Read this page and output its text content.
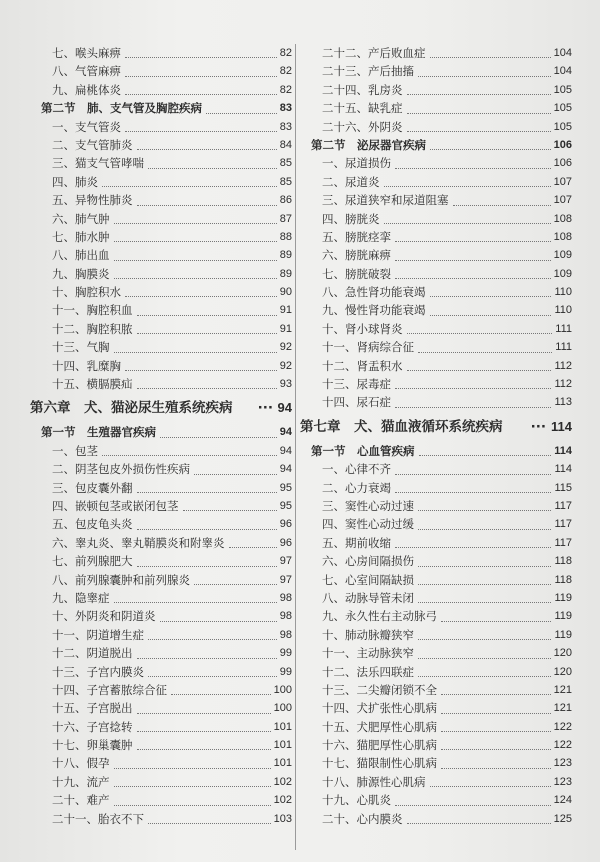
七、喉头麻痹	82
八、气管麻痹	82
九、扁桃体炎	82
第二节　肺、支气管及胸腔疾病	83
一、支气管炎	83
二、支气管肺炎	84
三、猫支气管哮喘	85
四、肺炎	85
五、异物性肺炎	86
六、肺气肿	87
七、肺水肿	88
八、肺出血	89
九、胸膜炎	89
十、胸腔积水	90
十一、胸腔积血	91
十二、胸腔积脓	91
十三、气胸	92
十四、乳糜胸	92
十五、横膈膜疝	93
第六章　犬、猫泌尿生殖系统疾病	94
···
第一节　生殖器官疾病	94
一、包茎	94
二、阴茎包皮外损伤性疾病	94
三、包皮囊外翻	95
四、嵌顿包茎或嵌闭包茎	95
五、包皮龟头炎	96
六、睾丸炎、睾丸鞘膜炎和附睾炎	96
七、前列腺肥大	97
八、前列腺囊肿和前列腺炎	97
九、隐睾症	98
十、外阴炎和阴道炎	98
十一、阴道增生症	98
十二、阴道脱出	99
十三、子宫内膜炎	99
十四、子宫蓄脓综合征	100
十五、子宫脱出	100
十六、子宫捻转	101
十七、卵巢囊肿	101
十八、假孕	101
十九、流产	102
二十、难产	102
二十一、胎衣不下	103
二十二、产后败血症	104
二十三、产后抽搐	104
二十四、乳房炎	105
二十五、缺乳症	105
二十六、外阴炎	105
第二节　泌尿器官疾病	106
一、尿道损伤	106
二、尿道炎	107
三、尿道狭窄和尿道阻塞	107
四、膀胱炎	108
五、膀胱痉挛	108
六、膀胱麻痹	109
七、膀胱破裂	109
八、急性肾功能衰竭	110
九、慢性肾功能衰竭	110
十、肾小球肾炎	111
十一、肾病综合征	111
十二、肾盂积水	112
十三、尿毒症	112
十四、尿石症	113
第七章　犬、猫血液循环系统疾病	114
···
第一节　心血管疾病	114
一、心律不齐	114
二、心力衰竭	115
三、窦性心动过速	117
四、窦性心动过缓	117
五、期前收缩	117
六、心房间隔损伤	118
七、心室间隔缺损	118
八、动脉导管未闭	119
九、永久性右主动脉弓	119
十、肺动脉瓣狭窄	119
十一、主动脉狭窄	120
十二、法乐四联症	120
十三、二尖瓣闭锁不全	121
十四、犬扩张性心肌病	121
十五、犬肥厚性心肌病	122
十六、猫肥厚性心肌病	122
十七、猫限制性心肌病	123
十八、肺源性心肌病	123
十九、心肌炎	124
二十、心内膜炎	125
